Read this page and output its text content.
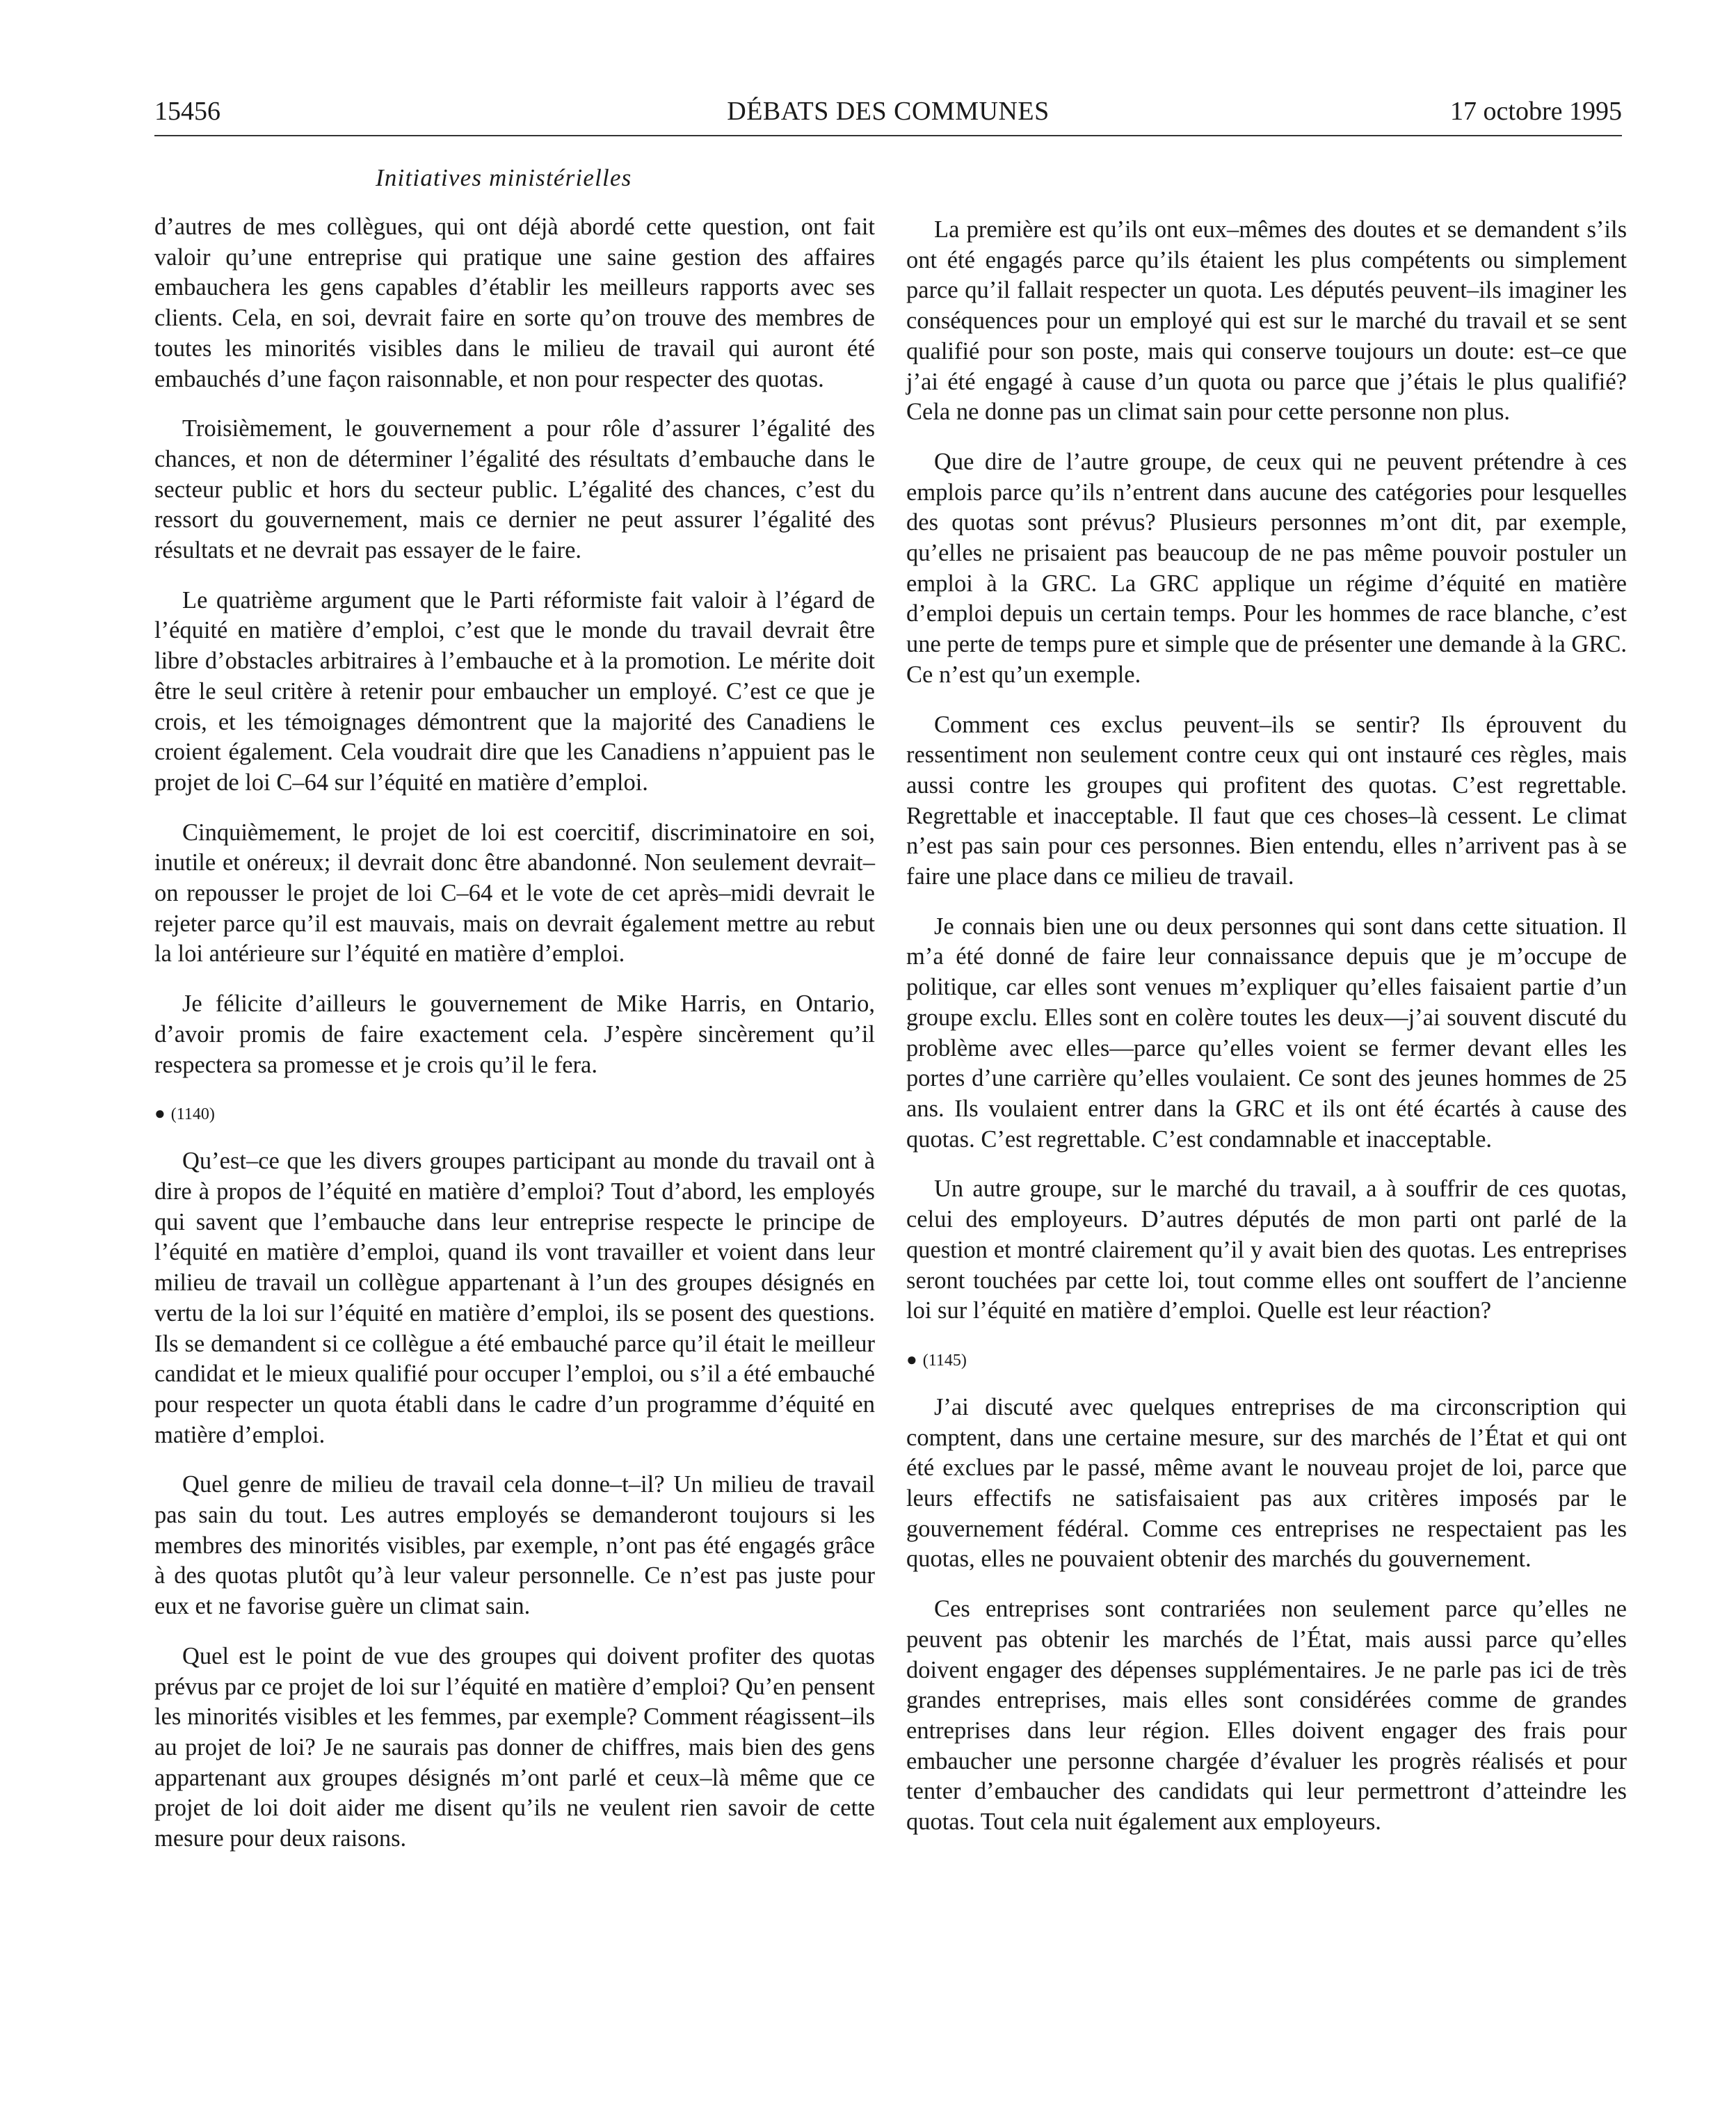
15456	DÉBATS DES COMMUNES	17 octobre 1995
Initiatives ministérielles

d’autres de mes collègues, qui ont déjà abordé cette question, ont fait valoir qu’une entreprise qui pratique une saine gestion des affaires embauchera les gens capables d’établir les meilleurs rapports avec ses clients. Cela, en soi, devrait faire en sorte qu’on trouve des membres de toutes les minorités visibles dans le milieu de travail qui auront été embauchés d’une façon raisonnable, et non pour respecter des quotas.

Troisièmement, le gouvernement a pour rôle d’assurer l’égalité des chances, et non de déterminer l’égalité des résultats d’embauche dans le secteur public et hors du secteur public. L’égalité des chances, c’est du ressort du gouvernement, mais ce dernier ne peut assurer l’égalité des résultats et ne devrait pas essayer de le faire.

Le quatrième argument que le Parti réformiste fait valoir à l’égard de l’équité en matière d’emploi, c’est que le monde du travail devrait être libre d’obstacles arbitraires à l’embauche et à la promotion. Le mérite doit être le seul critère à retenir pour embaucher un employé. C’est ce que je crois, et les témoignages démontrent que la majorité des Canadiens le croient également. Cela voudrait dire que les Canadiens n’appuient pas le projet de loi C–64 sur l’équité en matière d’emploi.

Cinquièmement, le projet de loi est coercitif, discriminatoire en soi, inutile et onéreux; il devrait donc être abandonné. Non seulement devrait–on repousser le projet de loi C–64 et le vote de cet après–midi devrait le rejeter parce qu’il est mauvais, mais on devrait également mettre au rebut la loi antérieure sur l’équité en matière d’emploi.

Je félicite d’ailleurs le gouvernement de Mike Harris, en Ontario, d’avoir promis de faire exactement cela. J’espère sincèrement qu’il respectera sa promesse et je crois qu’il le fera.

● (1140)

Qu’est–ce que les divers groupes participant au monde du travail ont à dire à propos de l’équité en matière d’emploi? Tout d’abord, les employés qui savent que l’embauche dans leur entreprise respecte le principe de l’équité en matière d’emploi, quand ils vont travailler et voient dans leur milieu de travail un collègue appartenant à l’un des groupes désignés en vertu de la loi sur l’équité en matière d’emploi, ils se posent des questions. Ils se demandent si ce collègue a été embauché parce qu’il était le meilleur candidat et le mieux qualifié pour occuper l’emploi, ou s’il a été embauché pour respecter un quota établi dans le cadre d’un programme d’équité en matière d’emploi.

Quel genre de milieu de travail cela donne–t–il? Un milieu de travail pas sain du tout. Les autres employés se demanderont toujours si les membres des minorités visibles, par exemple, n’ont pas été engagés grâce à des quotas plutôt qu’à leur valeur personnelle. Ce n’est pas juste pour eux et ne favorise guère un climat sain.

Quel est le point de vue des groupes qui doivent profiter des quotas prévus par ce projet de loi sur l’équité en matière d’emploi? Qu’en pensent les minorités visibles et les femmes, par exemple? Comment réagissent–ils au projet de loi? Je ne saurais pas donner de chiffres, mais bien des gens appartenant aux groupes désignés m’ont parlé et ceux–là même que ce projet de loi doit aider me disent qu’ils ne veulent rien savoir de cette mesure pour deux raisons.

La première est qu’ils ont eux–mêmes des doutes et se demandent s’ils ont été engagés parce qu’ils étaient les plus compétents ou simplement parce qu’il fallait respecter un quota. Les députés peuvent–ils imaginer les conséquences pour un employé qui est sur le marché du travail et se sent qualifié pour son poste, mais qui conserve toujours un doute: est–ce que j’ai été engagé à cause d’un quota ou parce que j’étais le plus qualifié? Cela ne donne pas un climat sain pour cette personne non plus.

Que dire de l’autre groupe, de ceux qui ne peuvent prétendre à ces emplois parce qu’ils n’entrent dans aucune des catégories pour lesquelles des quotas sont prévus? Plusieurs personnes m’ont dit, par exemple, qu’elles ne prisaient pas beaucoup de ne pas même pouvoir postuler un emploi à la GRC. La GRC applique un régime d’équité en matière d’emploi depuis un certain temps. Pour les hommes de race blanche, c’est une perte de temps pure et simple que de présenter une demande à la GRC. Ce n’est qu’un exemple.

Comment ces exclus peuvent–ils se sentir? Ils éprouvent du ressentiment non seulement contre ceux qui ont instauré ces règles, mais aussi contre les groupes qui profitent des quotas. C’est regrettable. Regrettable et inacceptable. Il faut que ces choses–là cessent. Le climat n’est pas sain pour ces personnes. Bien entendu, elles n’arrivent pas à se faire une place dans ce milieu de travail.

Je connais bien une ou deux personnes qui sont dans cette situation. Il m’a été donné de faire leur connaissance depuis que je m’occupe de politique, car elles sont venues m’expliquer qu’elles faisaient partie d’un groupe exclu. Elles sont en colère toutes les deux—j’ai souvent discuté du problème avec elles—parce qu’elles voient se fermer devant elles les portes d’une carrière qu’elles voulaient. Ce sont des jeunes hommes de 25 ans. Ils voulaient entrer dans la GRC et ils ont été écartés à cause des quotas. C’est regrettable. C’est condamnable et inacceptable.

Un autre groupe, sur le marché du travail, a à souffrir de ces quotas, celui des employeurs. D’autres députés de mon parti ont parlé de la question et montré clairement qu’il y avait bien des quotas. Les entreprises seront touchées par cette loi, tout comme elles ont souffert de l’ancienne loi sur l’équité en matière d’emploi. Quelle est leur réaction?

● (1145)

J’ai discuté avec quelques entreprises de ma circonscription qui comptent, dans une certaine mesure, sur des marchés de l’État et qui ont été exclues par le passé, même avant le nouveau projet de loi, parce que leurs effectifs ne satisfaisaient pas aux critères imposés par le gouvernement fédéral. Comme ces entreprises ne respectaient pas les quotas, elles ne pouvaient obtenir des marchés du gouvernement.

Ces entreprises sont contrariées non seulement parce qu’elles ne peuvent pas obtenir les marchés de l’État, mais aussi parce qu’elles doivent engager des dépenses supplémentaires. Je ne parle pas ici de très grandes entreprises, mais elles sont considérées comme de grandes entreprises dans leur région. Elles doivent engager des frais pour embaucher une personne chargée d’évaluer les progrès réalisés et pour tenter d’embaucher des candidats qui leur permettront d’atteindre les quotas. Tout cela nuit également aux employeurs.
